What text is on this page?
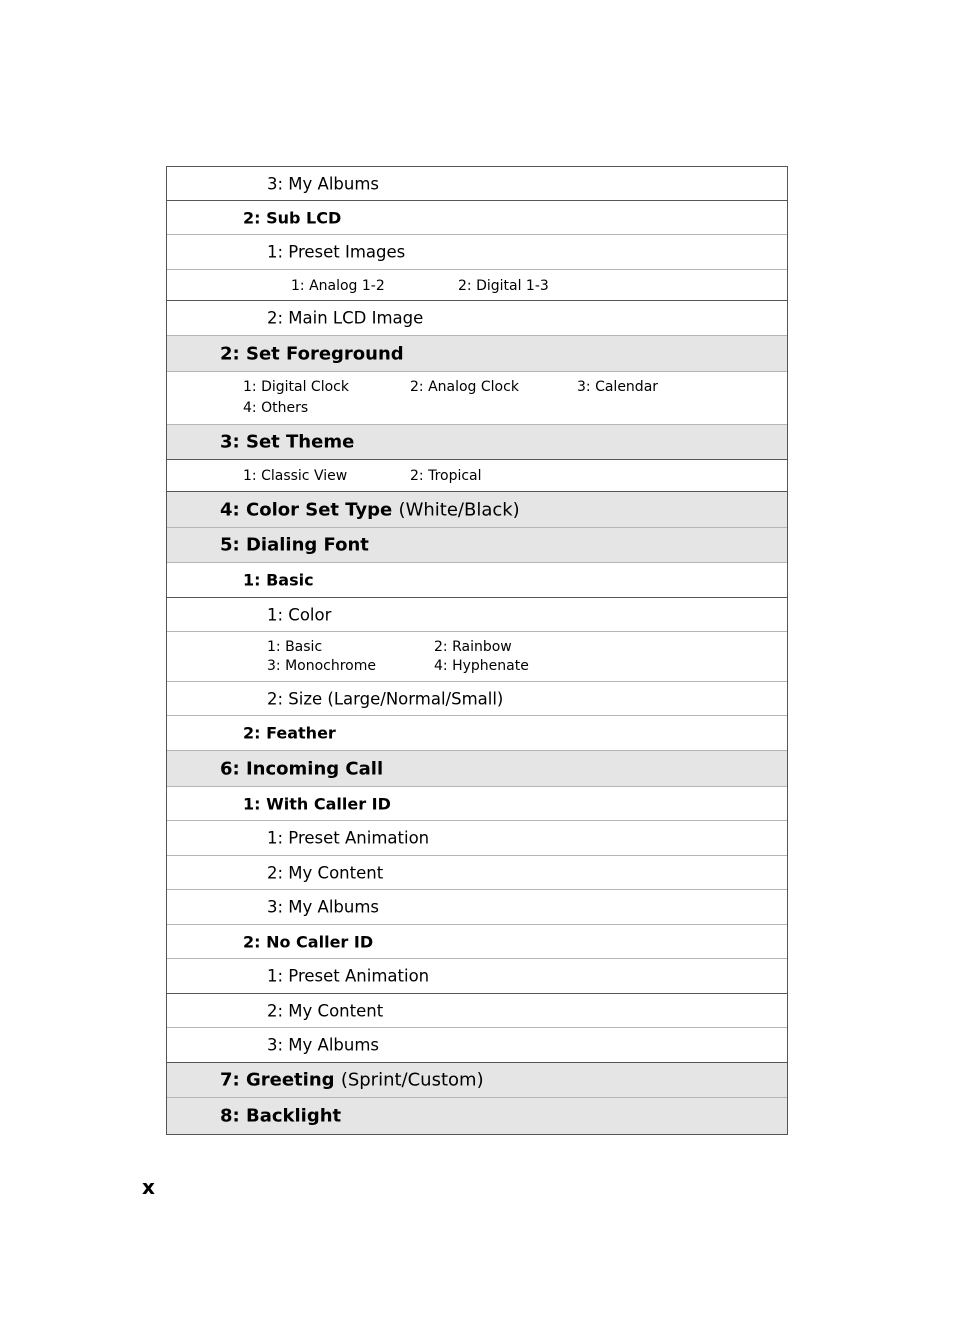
3: My Albums
2: Sub LCD
1: Preset Images
1: Analog 1-2	2: Digital 1-3
2: Main LCD Image
2: Set Foreground
1: Digital Clock	2: Analog Clock	3: Calendar
4: Others
3: Set Theme
1: Classic View	2: Tropical
4: Color Set Type (White/Black)
5: Dialing Font
1: Basic
1: Color
1: Basic	2: Rainbow
3: Monochrome	4: Hyphenate
2: Size (Large/Normal/Small)
2: Feather
6: Incoming Call
1: With Caller ID
1: Preset Animation
2: My Content
3: My Albums
2: No Caller ID
1: Preset Animation
2: My Content
3: My Albums
7: Greeting (Sprint/Custom)
8: Backlight
x
